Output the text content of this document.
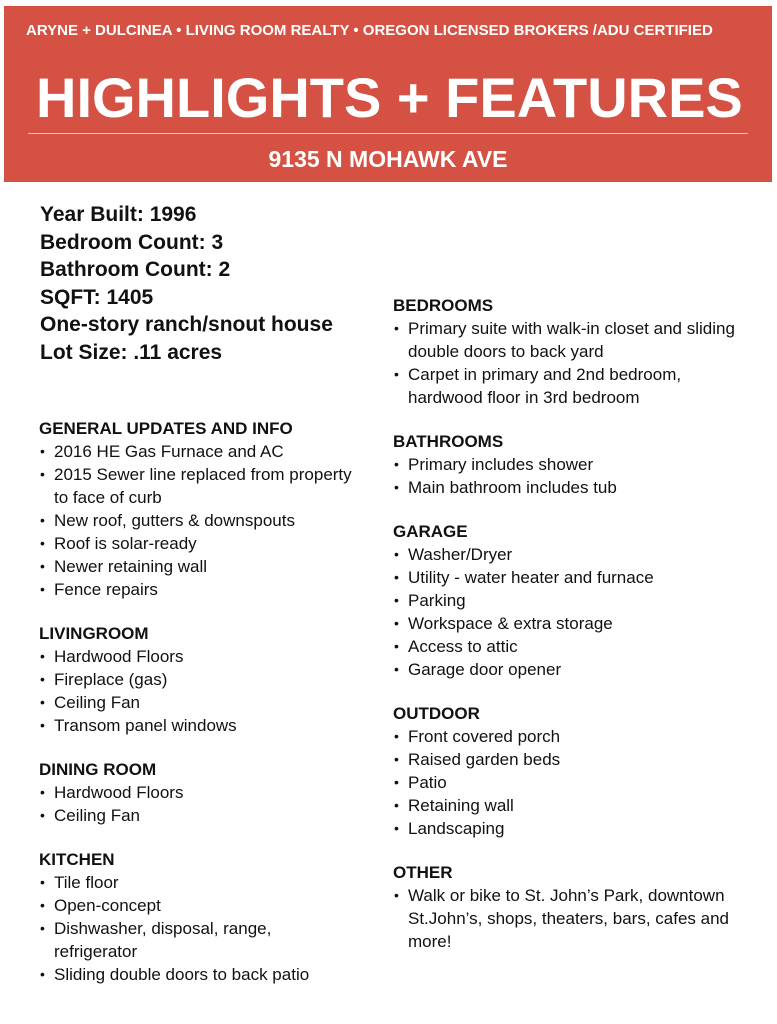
ARYNE + DULCINEA • LIVING ROOM REALTY • OREGON LICENSED BROKERS /ADU CERTIFIED
HIGHLIGHTS + FEATURES
9135 N MOHAWK AVE
Year Built: 1996
Bedroom Count: 3
Bathroom Count: 2
SQFT: 1405
One-story ranch/snout house
Lot Size: .11 acres
GENERAL UPDATES AND INFO
• 2016 HE Gas Furnace and AC
• 2015 Sewer line replaced from property to face of curb
• New roof, gutters & downspouts
• Roof is solar-ready
• Newer retaining wall
• Fence repairs
LIVINGROOM
• Hardwood Floors
• Fireplace (gas)
• Ceiling Fan
• Transom panel windows
DINING ROOM
• Hardwood Floors
• Ceiling Fan
KITCHEN
• Tile floor
• Open-concept
• Dishwasher, disposal, range, refrigerator
• Sliding double doors to back patio
BEDROOMS
• Primary suite with walk-in closet and sliding double doors to back yard
• Carpet in primary and 2nd bedroom, hardwood floor in 3rd bedroom
BATHROOMS
• Primary includes shower
• Main bathroom includes tub
GARAGE
• Washer/Dryer
• Utility - water heater and furnace
• Parking
• Workspace & extra storage
• Access to attic
• Garage door opener
OUTDOOR
• Front covered porch
• Raised garden beds
• Patio
• Retaining wall
• Landscaping
OTHER
• Walk or bike to St. John’s Park, downtown St.John’s, shops, theaters, bars, cafes and more!
